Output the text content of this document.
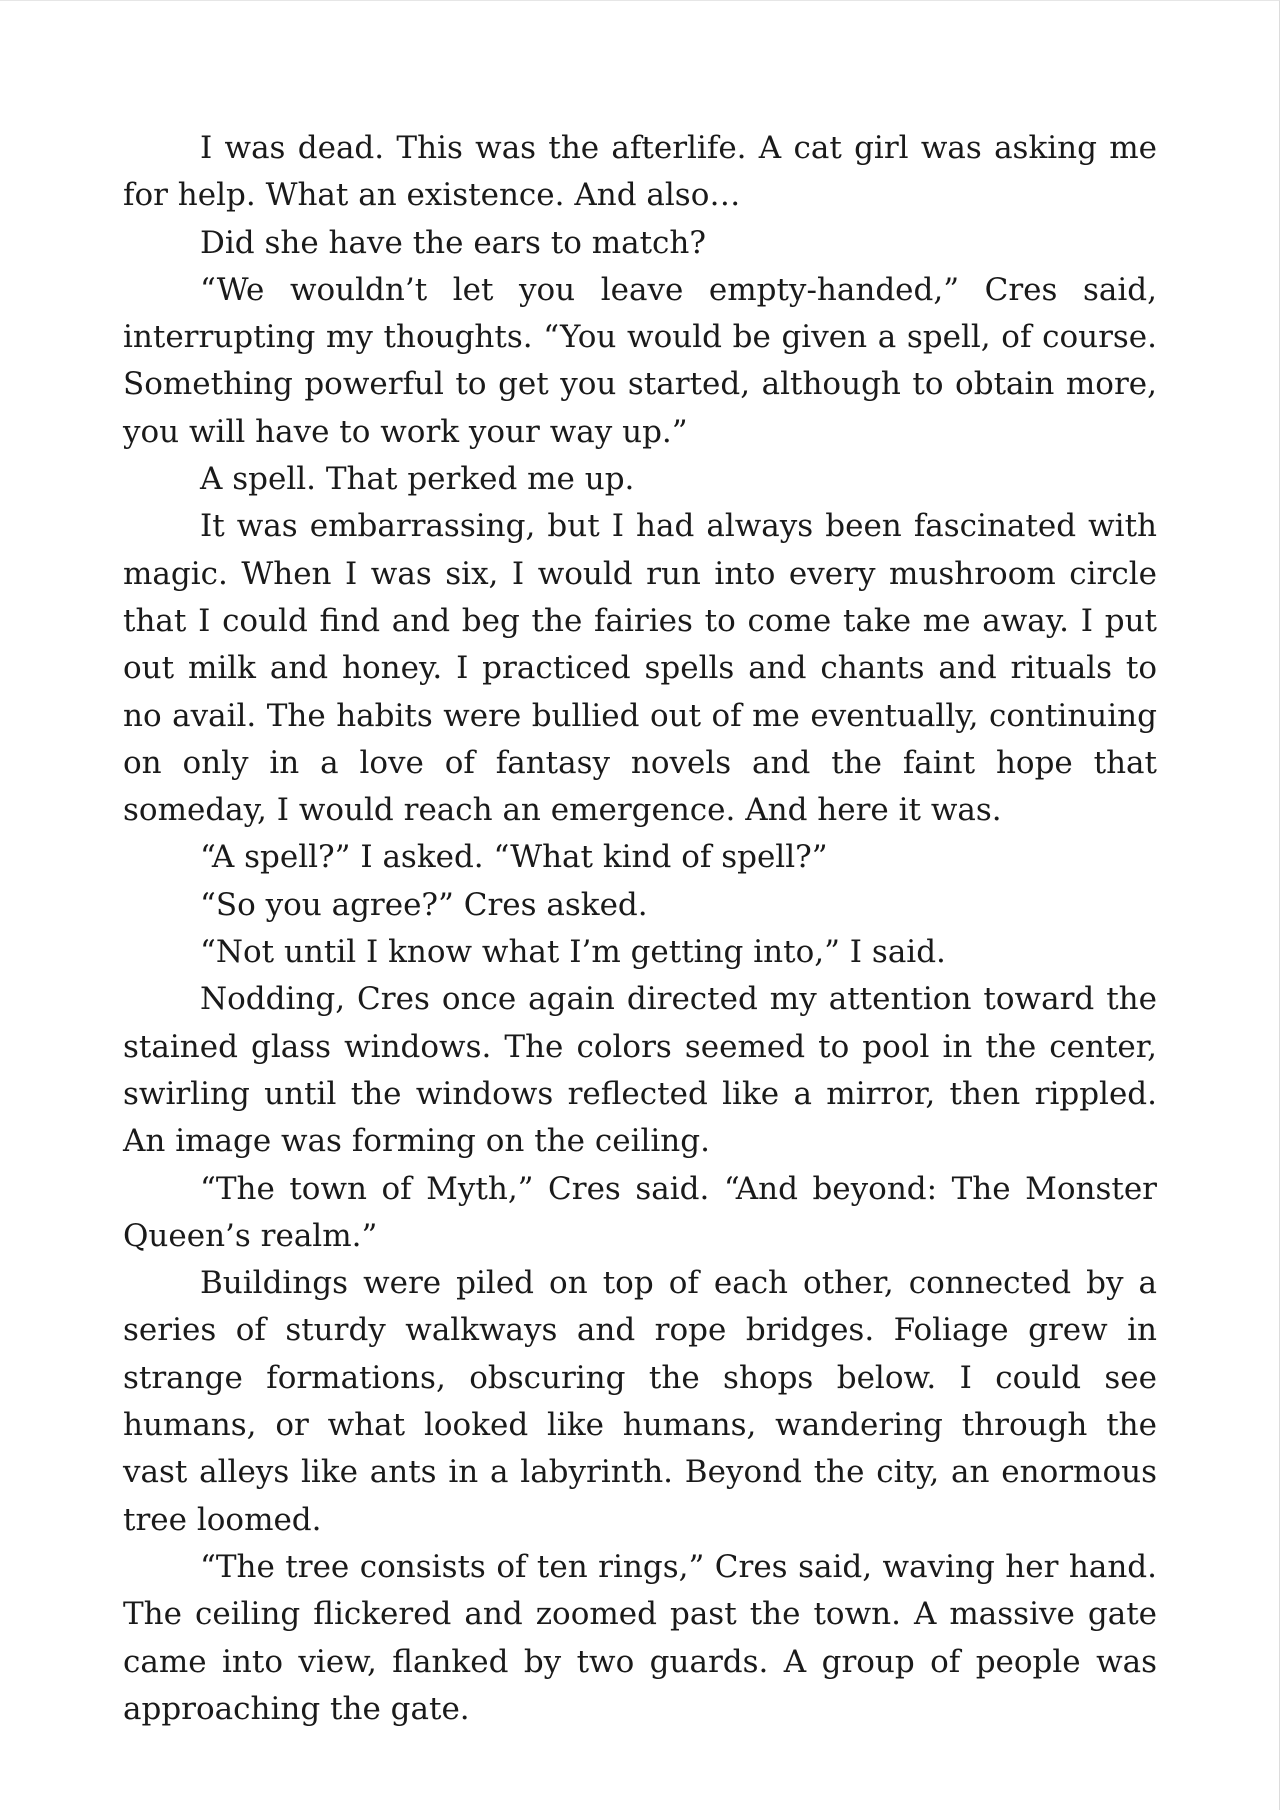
I was dead. This was the afterlife. A cat girl was asking me for help. What an existence. And also…

Did she have the ears to match?

“We wouldn’t let you leave empty-handed,” Cres said, interrupting my thoughts. “You would be given a spell, of course. Something powerful to get you started, although to obtain more, you will have to work your way up.”

A spell. That perked me up.

It was embarrassing, but I had always been fascinated with magic. When I was six, I would run into every mushroom circle that I could find and beg the fairies to come take me away. I put out milk and honey. I practiced spells and chants and rituals to no avail. The habits were bullied out of me eventually, continuing on only in a love of fantasy novels and the faint hope that someday, I would reach an emergence. And here it was.

“A spell?” I asked. “What kind of spell?”

“So you agree?” Cres asked.

“Not until I know what I’m getting into,” I said.

Nodding, Cres once again directed my attention toward the stained glass windows. The colors seemed to pool in the center, swirling until the windows reflected like a mirror, then rippled. An image was forming on the ceiling.

“The town of Myth,” Cres said. “And beyond: The Monster Queen’s realm.”

Buildings were piled on top of each other, connected by a series of sturdy walkways and rope bridges. Foliage grew in strange formations, obscuring the shops below. I could see humans, or what looked like humans, wandering through the vast alleys like ants in a labyrinth. Beyond the city, an enormous tree loomed.

“The tree consists of ten rings,” Cres said, waving her hand. The ceiling flickered and zoomed past the town. A massive gate came into view, flanked by two guards. A group of people was approaching the gate.
